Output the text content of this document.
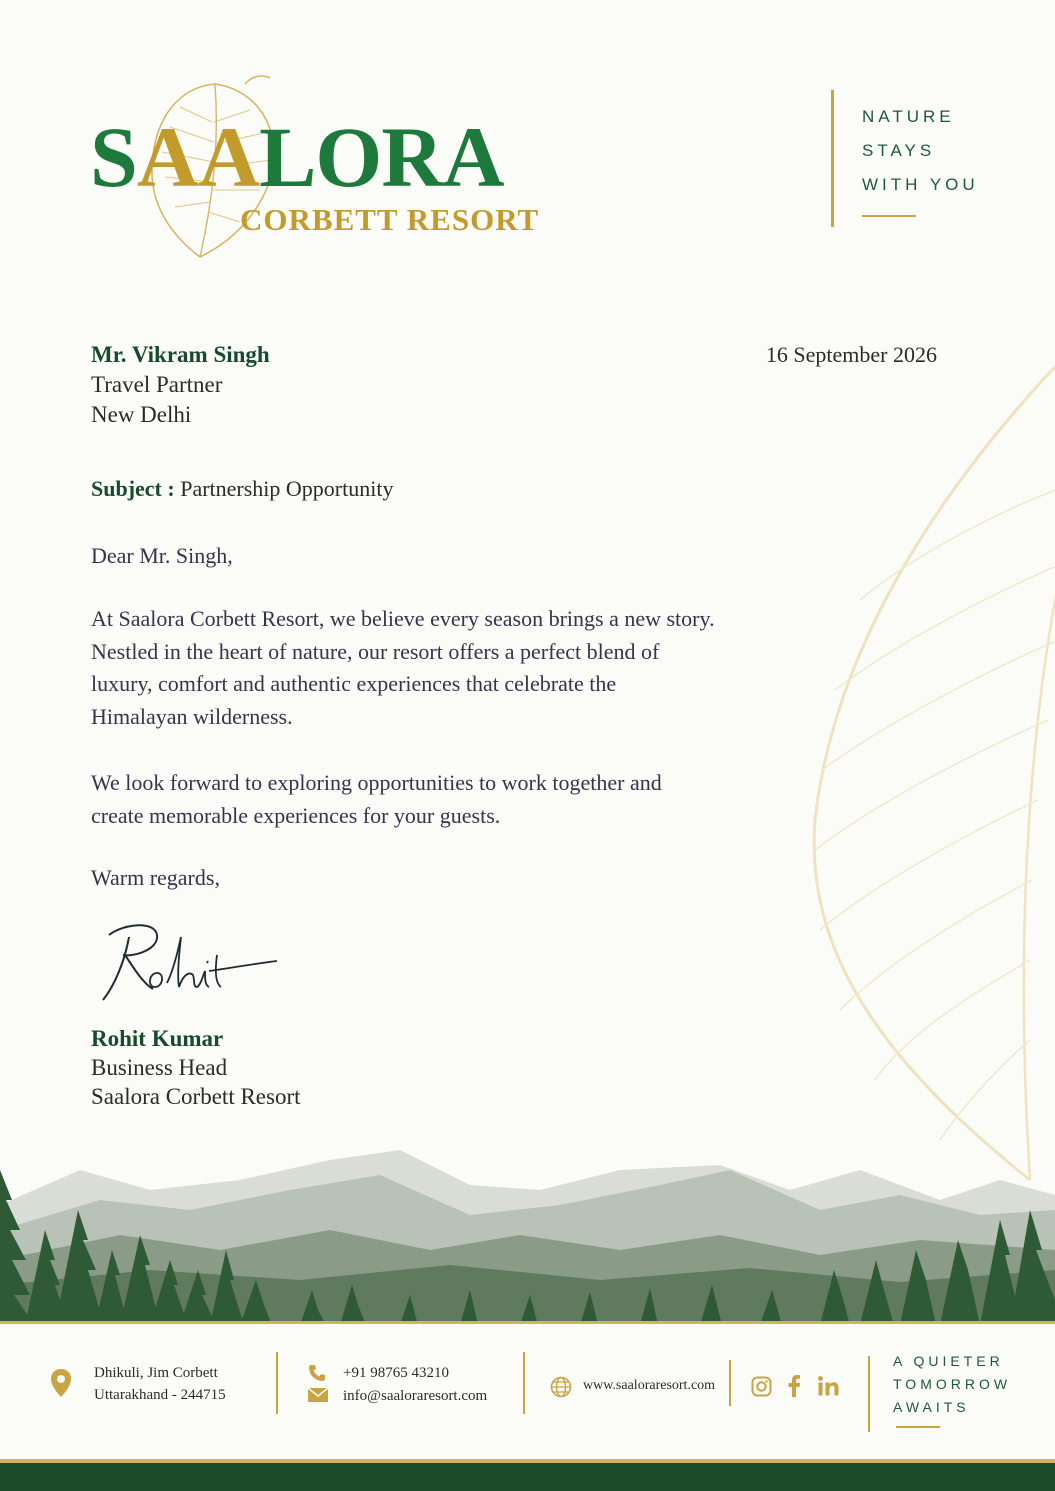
SAALORA
CORBETT RESORT
NATURE
STAYS
WITH YOU
Mr. Vikram Singh
Travel Partner
New Delhi
16 September 2026
Subject : Partnership Opportunity
Dear Mr. Singh,
At Saalora Corbett Resort, we believe every season brings a new story.
Nestled in the heart of nature, our resort offers a perfect blend of
luxury, comfort and authentic experiences that celebrate the
Himalayan wilderness.
We look forward to exploring opportunities to work together and
create memorable experiences for your guests.
Warm regards,
Rohit Kumar
Business Head
Saalora Corbett Resort
Dhikuli, Jim Corbett
Uttarakhand - 244715
+91 98765 43210
info@saaloraresort.com
www.saaloraresort.com
A QUIETER
TOMORROW
AWAITS
